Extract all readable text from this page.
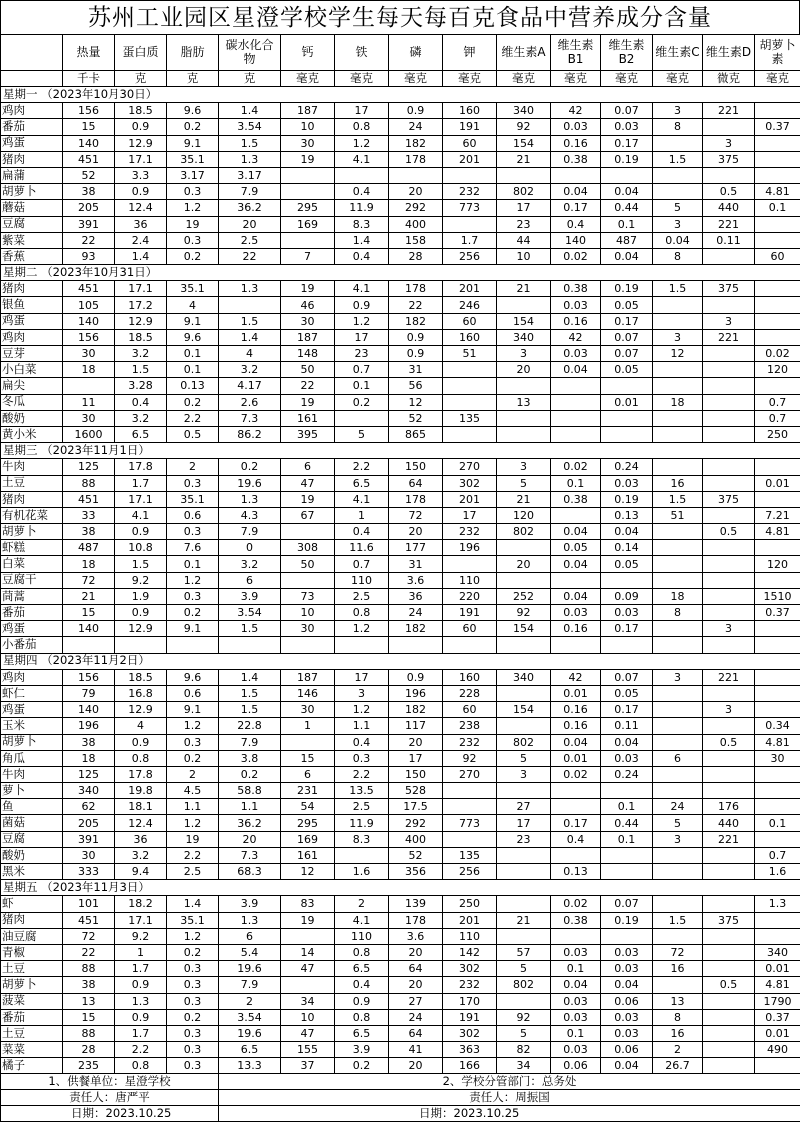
苏州工业园区星澄学校学生每天每百克食品中营养成分含量
	热量	蛋白质	脂肪	碳水化合物	钙	铁	磷	钾	维生素A	维生素B1	维生素B2	维生素C	维生素D	胡萝卜素
	千卡	克	克	克	毫克	毫克	毫克	毫克	毫克	毫克	毫克	毫克	微克	毫克
星期一 （2023年10月30日）														
鸡肉	156	18.5	9.6	1.4	187	17	0.9	160	340	42	0.07	3	221	
番茄	15	0.9	0.2	3.54	10	0.8	24	191	92	0.03	0.03	8		0.37
鸡蛋	140	12.9	9.1	1.5	30	1.2	182	60	154	0.16	0.17		3	
猪肉	451	17.1	35.1	1.3	19	4.1	178	201	21	0.38	0.19	1.5	375	
扁蒲	52	3.3	3.17	3.17										
胡萝卜	38	0.9	0.3	7.9		0.4	20	232	802	0.04	0.04		0.5	4.81
蘑菇	205	12.4	1.2	36.2	295	11.9	292	773	17	0.17	0.44	5	440	0.1
豆腐	391	36	19	20	169	8.3	400		23	0.4	0.1	3	221	
紫菜	22	2.4	0.3	2.5		1.4	158	1.7	44	140	487	0.04	0.11	
香蕉	93	1.4	0.2	22	7	0.4	28	256	10	0.02	0.04	8		60
星期二 （2023年10月31日）														
猪肉	451	17.1	35.1	1.3	19	4.1	178	201	21	0.38	0.19	1.5	375	
银鱼	105	17.2	4		46	0.9	22	246		0.03	0.05			
鸡蛋	140	12.9	9.1	1.5	30	1.2	182	60	154	0.16	0.17		3	
鸡肉	156	18.5	9.6	1.4	187	17	0.9	160	340	42	0.07	3	221	
豆芽	30	3.2	0.1	4	148	23	0.9	51	3	0.03	0.07	12		0.02
小白菜	18	1.5	0.1	3.2	50	0.7	31		20	0.04	0.05			120
扁尖		3.28	0.13	4.17	22	0.1	56							
冬瓜	11	0.4	0.2	2.6	19	0.2	12		13		0.01	18		0.7
酸奶	30	3.2	2.2	7.3	161		52	135						0.7
黄小米	1600	6.5	0.5	86.2	395	5	865							250
星期三 （2023年11月1日）														
牛肉	125	17.8	2	0.2	6	2.2	150	270	3	0.02	0.24			
土豆	88	1.7	0.3	19.6	47	6.5	64	302	5	0.1	0.03	16		0.01
猪肉	451	17.1	35.1	1.3	19	4.1	178	201	21	0.38	0.19	1.5	375	
有机花菜	33	4.1	0.6	4.3	67	1	72	17	120		0.13	51		7.21
胡萝卜	38	0.9	0.3	7.9		0.4	20	232	802	0.04	0.04		0.5	4.81
虾糕	487	10.8	7.6	0	308	11.6	177	196		0.05	0.14			
白菜	18	1.5	0.1	3.2	50	0.7	31		20	0.04	0.05			120
豆腐干	72	9.2	1.2	6		110	3.6	110						
茼蒿	21	1.9	0.3	3.9	73	2.5	36	220	252	0.04	0.09	18		1510
番茄	15	0.9	0.2	3.54	10	0.8	24	191	92	0.03	0.03	8		0.37
鸡蛋	140	12.9	9.1	1.5	30	1.2	182	60	154	0.16	0.17		3	
小番茄														
星期四 （2023年11月2日）														
鸡肉	156	18.5	9.6	1.4	187	17	0.9	160	340	42	0.07	3	221	
虾仁	79	16.8	0.6	1.5	146	3	196	228		0.01	0.05			
鸡蛋	140	12.9	9.1	1.5	30	1.2	182	60	154	0.16	0.17		3	
玉米	196	4	1.2	22.8	1	1.1	117	238		0.16	0.11			0.34
胡萝卜	38	0.9	0.3	7.9		0.4	20	232	802	0.04	0.04		0.5	4.81
角瓜	18	0.8	0.2	3.8	15	0.3	17	92	5	0.01	0.03	6		30
牛肉	125	17.8	2	0.2	6	2.2	150	270	3	0.02	0.24			
萝卜	340	19.8	4.5	58.8	231	13.5	528							
鱼	62	18.1	1.1	1.1	54	2.5	17.5		27		0.1	24	176	
菌菇	205	12.4	1.2	36.2	295	11.9	292	773	17	0.17	0.44	5	440	0.1
豆腐	391	36	19	20	169	8.3	400		23	0.4	0.1	3	221	
酸奶	30	3.2	2.2	7.3	161		52	135						0.7
黑米	333	9.4	2.5	68.3	12	1.6	356	256		0.13				1.6
星期五 （2023年11月3日）														
虾	101	18.2	1.4	3.9	83	2	139	250		0.02	0.07			1.3
猪肉	451	17.1	35.1	1.3	19	4.1	178	201	21	0.38	0.19	1.5	375	
油豆腐	72	9.2	1.2	6		110	3.6	110						
青椒	22	1	0.2	5.4	14	0.8	20	142	57	0.03	0.03	72		340
土豆	88	1.7	0.3	19.6	47	6.5	64	302	5	0.1	0.03	16		0.01
胡萝卜	38	0.9	0.3	7.9		0.4	20	232	802	0.04	0.04		0.5	4.81
菠菜	13	1.3	0.3	2	34	0.9	27	170		0.03	0.06	13		1790
番茄	15	0.9	0.2	3.54	10	0.8	24	191	92	0.03	0.03	8		0.37
土豆	88	1.7	0.3	19.6	47	6.5	64	302	5	0.1	0.03	16		0.01
菜菜	28	2.2	0.3	6.5	155	3.9	41	363	82	0.03	0.06	2		490
橘子	235	0.8	0.3	13.3	37	0.2	20	166	34	0.06	0.04	26.7		
1、供餐单位：星澄学校				2、学校分管部门：总务处										
责任人：唐严平				责任人：周振国										
日期：2023.10.25				日期：2023.10.25										
